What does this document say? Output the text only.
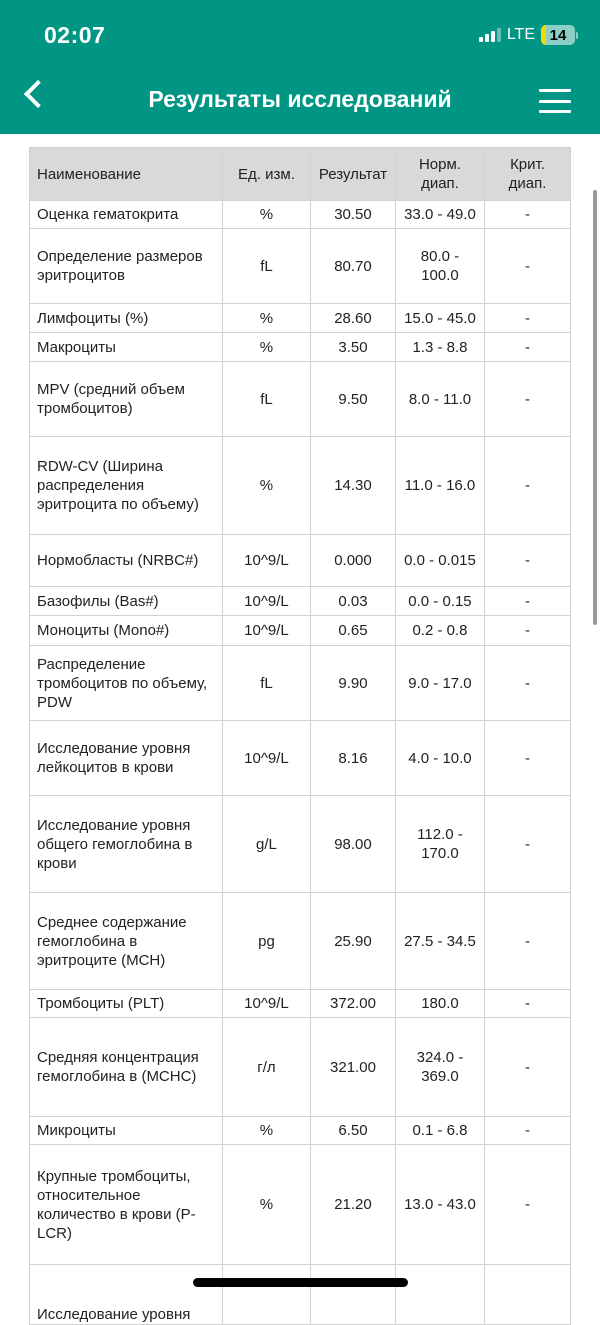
02:07	LTE 14
Результаты исследований
Наименование	Ед. изм.	Результат	Норм. диап.	Крит. диап.
Оценка гематокрита	%	30.50	33.0 - 49.0	-
Определение размеров эритроцитов	fL	80.70	80.0 - 100.0	-
Лимфоциты (%)	%	28.60	15.0 - 45.0	-
Макроциты	%	3.50	1.3 - 8.8	-
MPV (средний объем тромбоцитов)	fL	9.50	8.0 - 11.0	-
RDW-CV (Ширина распределения эритроцита по объему)	%	14.30	11.0 - 16.0	-
Нормобласты (NRBC#)	10^9/L	0.000	0.0 - 0.015	-
Базофилы (Bas#)	10^9/L	0.03	0.0 - 0.15	-
Моноциты (Mono#)	10^9/L	0.65	0.2 - 0.8	-
Распределение тромбоцитов по объему, PDW	fL	9.90	9.0 - 17.0	-
Исследование уровня лейкоцитов в крови	10^9/L	8.16	4.0 - 10.0	-
Исследование уровня общего гемоглобина в крови	g/L	98.00	112.0 - 170.0	-
Среднее содержание гемоглобина в эритроците (MCH)	pg	25.90	27.5 - 34.5	-
Тромбоциты (PLT)	10^9/L	372.00	180.0	-
Средняя концентрация гемоглобина в (MCHC)	г/л	321.00	324.0 - 369.0	-
Микроциты	%	6.50	0.1 - 6.8	-
Крупные тромбоциты, относительное количество в крови (P-LCR)	%	21.20	13.0 - 43.0	-
Исследование уровня				
